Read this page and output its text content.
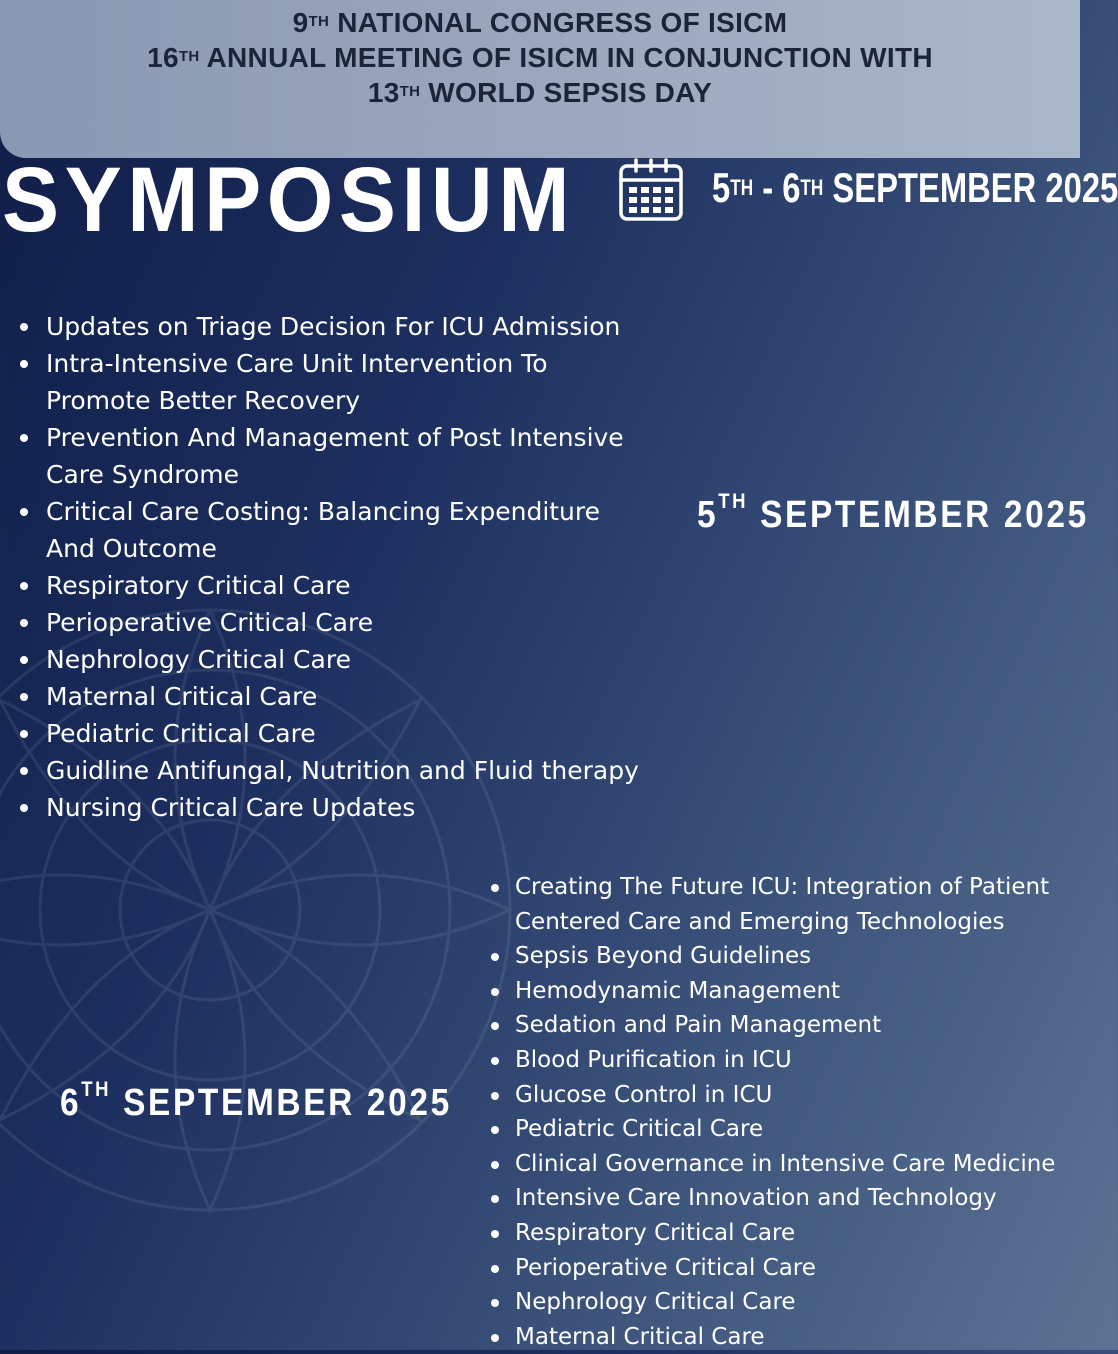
9TH NATIONAL CONGRESS OF ISICM
16TH ANNUAL MEETING OF ISICM IN CONJUNCTION WITH
13TH WORLD SEPSIS DAY
SYMPOSIUM	5TH - 6TH SEPTEMBER 2025
5TH SEPTEMBER 2025
Updates on Triage Decision For ICU Admission
Intra-Intensive Care Unit Intervention To Promote Better Recovery
Prevention And Management of Post Intensive Care Syndrome
Critical Care Costing: Balancing Expenditure And Outcome
Respiratory Critical Care
Perioperative Critical Care
Nephrology Critical Care
Maternal Critical Care
Pediatric Critical Care
Guidline Antifungal, Nutrition and Fluid therapy
Nursing Critical Care Updates
6TH SEPTEMBER 2025
Creating The Future ICU: Integration of Patient Centered Care and Emerging Technologies
Sepsis Beyond Guidelines
Hemodynamic Management
Sedation and Pain Management
Blood Purification in ICU
Glucose Control in ICU
Pediatric Critical Care
Clinical Governance in Intensive Care Medicine
Intensive Care Innovation and Technology
Respiratory Critical Care
Perioperative Critical Care
Nephrology Critical Care
Maternal Critical Care
